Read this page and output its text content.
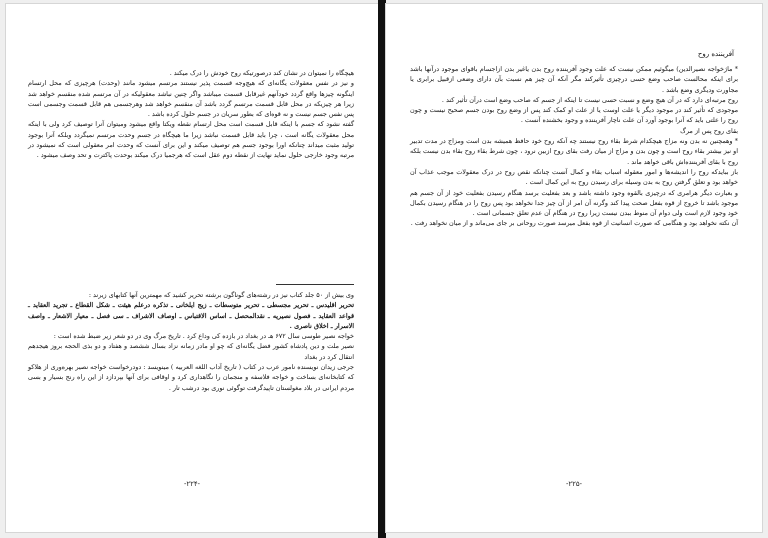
هیچگاه را نمیتوان در نشان کند درصورتیکه روح خودش را درک میکند .

و نیز در نفس معقولات یگانه‌ای که هیچ‌وجه قسمت پذیر نیستند مرتسم میشود مانند (وحدت) هرچیزی که محل ارتسام اینگونه چیزها واقع گردد خودآنهم غیرقابل قسمت میباشد واگر چنین نباشد معقولیکه در آن مرتسم شده منقسم خواهد شد زیرا هر چیزیکه در محل قابل قسمت مرتسم گردد باشد آن منقسم خواهد شد وهرجسمی هم قابل قسمت وجسمی است پس نفس جسم نیست و نه قوه‌ای که بطور سریان در جسم حلول کرده باشد .

گفته نشود که جسم با اینکه قابل قسمت است محل ارتسام نقطه ویکتا واقع میشود ومیتوان آنرا توصیف کرد ولی با اینکه محل معقولات یگانه است ، چرا باید قابل قسمت نباشد زیرا ما هیچگاه در جسم وحدت مرتسم نمیگردد وبلکه آنرا بوجود تولید مثبت میداند چنانکه اورا بوجود جسم هم توصیف میکند و این برای آنست که وحدت امر معقولی است که نمیشود در مرتبه وجود خارجی حلول نماید نهایت از نقطه دوم عقل است که هرجمیا درک میکند بوحدت پاکترت و تحد وصف میشود .

وی بیش از ۵۰ جلد کتاب نیز در رشته‌های گوناگون برشته تحریر کشید که مهمترین آنها کتابهای زیرند :

تحریر اقلیدس ـ تحریر مجسطی ـ تحریر متوسطات ـ زیج ایلخانی ـ تذکره درعلم هیئت ـ شکل القطاع ـ تجرید العقاید ـ قواعد العقاید ـ فصول نصیریه ـ نقدالمحصل ـ اساس الاقتباس ـ اوصاف الاشراف ـ سی فصل ـ معیار الاشعار ـ واصف الاسرار ـ اخلاق ناصری .

خواجه نصیر طوسی سال ۶۷۲ هـ در بغداد در بازده کی وداع کرد . تاریخ مرگ وی در دو شعر زیر ضبط شده است :

نصیر ملت و دین پادشاه کشور فضل یگانه‌ای که چو او مادر زمانه نزاد بسال ششصد و هفتاد و دو بذی الحجه بروز هیجدهم انتقال کرد در بغداد

جرجی زیدان نویسنده نامور عرب در کتاب ( تاریخ آداب اللغه العربیه ) مینویسد : دودرخواست خواجه نصیر بهره‌وری از هلاکو که کتابخانه‌ای بساخت و خواجه فلاسفه و منجمان را نگاهداری کرد و اوقافی برای آنها بپردازد از این راه رنج بسیار و بسی مردم ایرانی در بلاد مغولستان تاپیدگرفت توگوئی نوری بود درشب تار .

-۲۲۴-
آفریننده روح

* ماژخواجه نصیرالدین) میگوئیم ممکن نیست که علت وجود آفریننده روح بدن یاغیر بدن ازاجسام باقوای موجود درآنها باشد برای اینکه محالست صاحب وضع حسی درچیزی تأثیرکند مگر آنکه آن چیز هم نسبت بآن دارای وضعی ازقبیل برابری یا مجاورت ودیگری وضع باشد .

روح مرتبه‌ای دارد که در آن هیچ وضع و نسبت حسی نیست تا اینکه از جسم که صاحب وضع است درآن تأثیر کند .

موجودی که تأثیر کند در موجود دیگر یا علت اوست یا از علت او کمک کند پس از وضع روح بودن جسم صحیح نیست و چون روح را علتی باید که آنرا بوجود آورد آن علت ناچار آفریننده و وجود بخشنده آنست .

بقای روح پس از مرگ

* وهمچنین نه بدن ونه مزاج هیچکدام شرط بقاء روح نیستند چه آنکه روح خود حافظ همیشه بدن است ومزاج در مدت تدبیر او نیز بیشتر بقاء روح است و چون بدن و مزاج از میان رفت بقای روح ازبین نرود ، چون شرط بقاء روح بقاء بدن نیست بلکه روح با بقای آفریننده‌اش باقی خواهد ماند .

باز ببایدکه روح را اندیشه‌ها و امور معقوله اسباب بقاء و کمال آنست چنانکه نقص روح در درک معقولات موجب عذاب آن خواهد بود و تعلق گرفتن روح به بدن وسیله برای رسیدن روح به این کمال است .

و بعبارت دیگر هرامری که درچیزی بالقوه وجود داشته باشد و بعد بفعلیت برسد هنگام رسیدن بفعلیت خود از آن جسم هم موجود باشد تا خروج از قوه بفعل صحت پیدا کند وگرنه آن امر از آن چیز جدا نخواهد بود پس روح را در هنگام رسیدن بکمال خود وجود لازم است ولی دوام آن منوط ببدن نیست زیرا روح در هنگام آن عدم تعلق جسمانی است .

آن نکته نخواهد بود و هنگامی که صورت انسانیت از قوه بفعل میرسد صورت روحانی بر جای می‌ماند و از میان نخواهد رفت .

-۲۲۵-
